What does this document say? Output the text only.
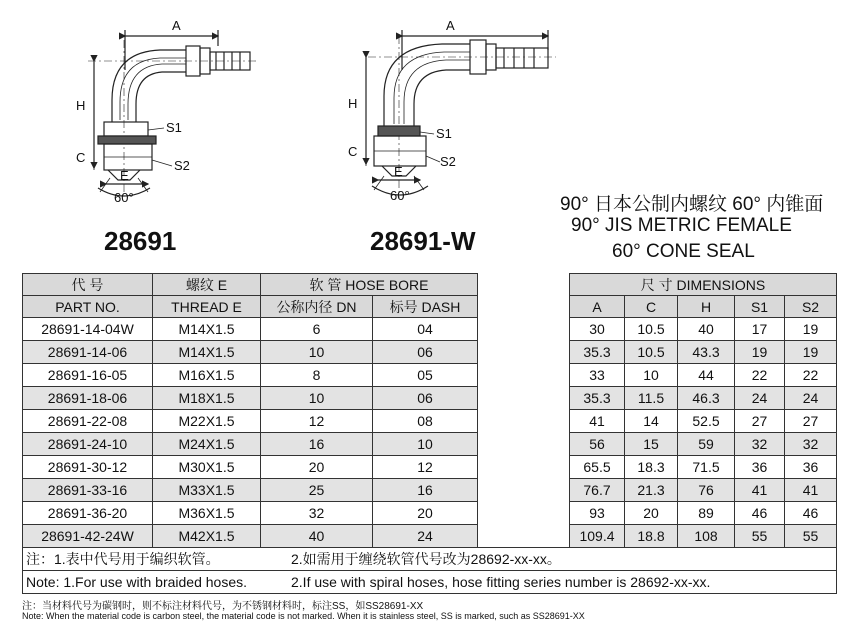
A
H
C
E
S1
S2
60°
A
H
C
E
S1
S2
60°
28691	28691-W
90° 日本公制内螺纹 60° 内锥面
90° JIS METRIC FEMALE
60° CONE SEAL
代 号	螺纹 E	软 管 HOSE BORE			尺 寸 DIMENSIONS				
PART NO.	THREAD E	公称内径 DN	标号 DASH		A	C	H	S1	S2
28691-14-04W	M14X1.5	6	04		30	10.5	40	17	19
28691-14-06	M14X1.5	10	06		35.3	10.5	43.3	19	19
28691-16-05	M16X1.5	8	05		33	10	44	22	22
28691-18-06	M18X1.5	10	06		35.3	11.5	46.3	24	24
28691-22-08	M22X1.5	12	08		41	14	52.5	27	27
28691-24-10	M24X1.5	16	10		56	15	59	32	32
28691-30-12	M30X1.5	20	12		65.5	18.3	71.5	36	36
28691-33-16	M33X1.5	25	16		76.7	21.3	76	41	41
28691-36-20	M36X1.5	32	20		93	20	89	46	46
28691-42-24W	M42X1.5	40	24		109.4	18.8	108	55	55
注：1.表中代号用于编织软管。 2.如需用于缠绕软管代号改为28692-xx-xx。									

Note: 1.For use with braided hoses. 2.If use with spiral hoses, hose fitting series number is 28692-xx-xx.									
注：当材料代号为碳钢时，则不标注材料代号，为不锈钢材料时，标注SS，如SS28691-XX
Note: When the material code is carbon steel, the material code is not marked. When it is stainless steel, SS is marked, such as SS28691-XX
